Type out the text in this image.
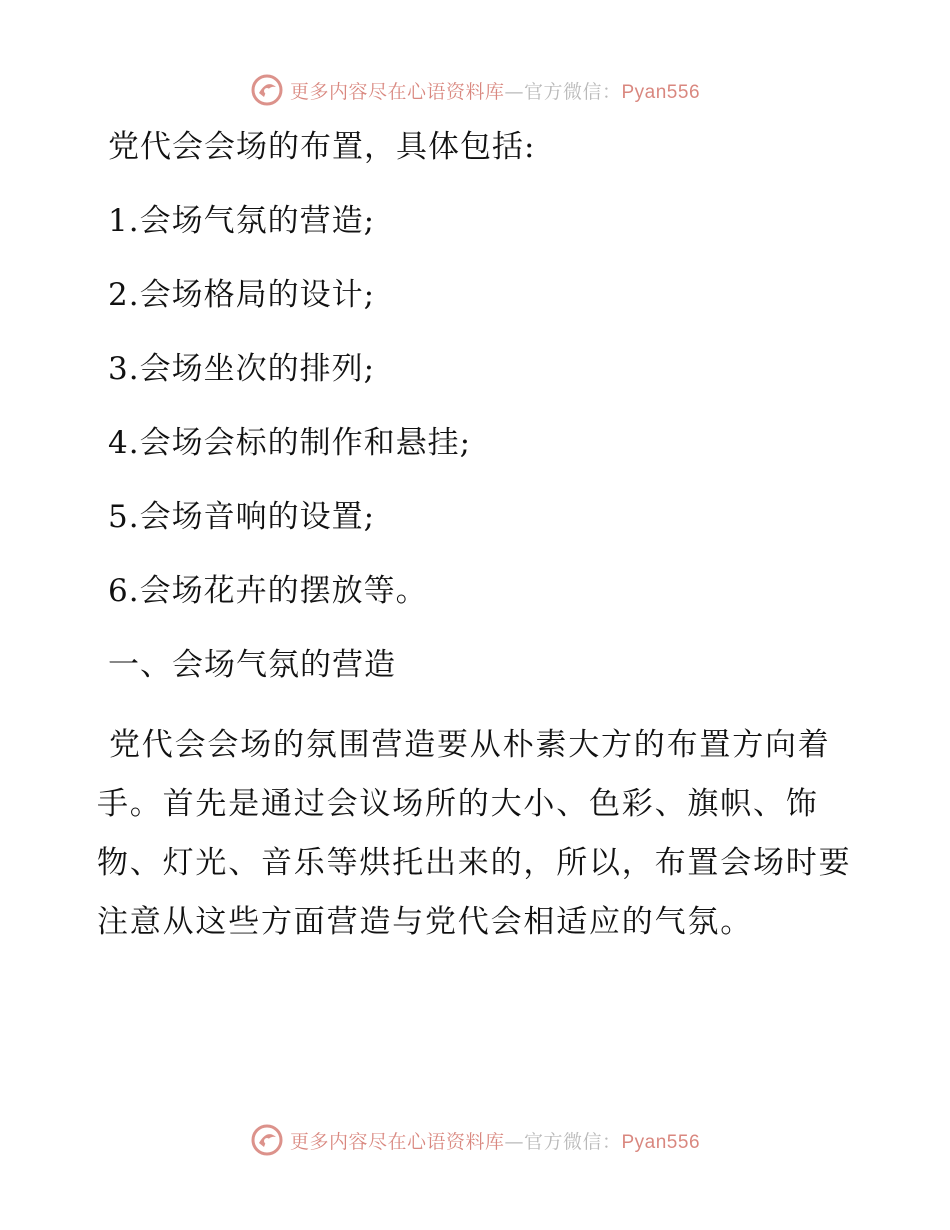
更多内容尽在心语资料库—官方微信：Pyan556
党代会会场的布置，具体包括:
1.会场气氛的营造;
2.会场格局的设计;
3.会场坐次的排列;
4.会场会标的制作和悬挂;
5.会场音响的设置;
6.会场花卉的摆放等。
一、会场气氛的营造
党代会会场的氛围营造要从朴素大方的布置方向着手。首先是通过会议场所的大小、色彩、旗帜、饰物、灯光、音乐等烘托出来的，所以，布置会场时要注意从这些方面营造与党代会相适应的气氛。
更多内容尽在心语资料库—官方微信：Pyan556
